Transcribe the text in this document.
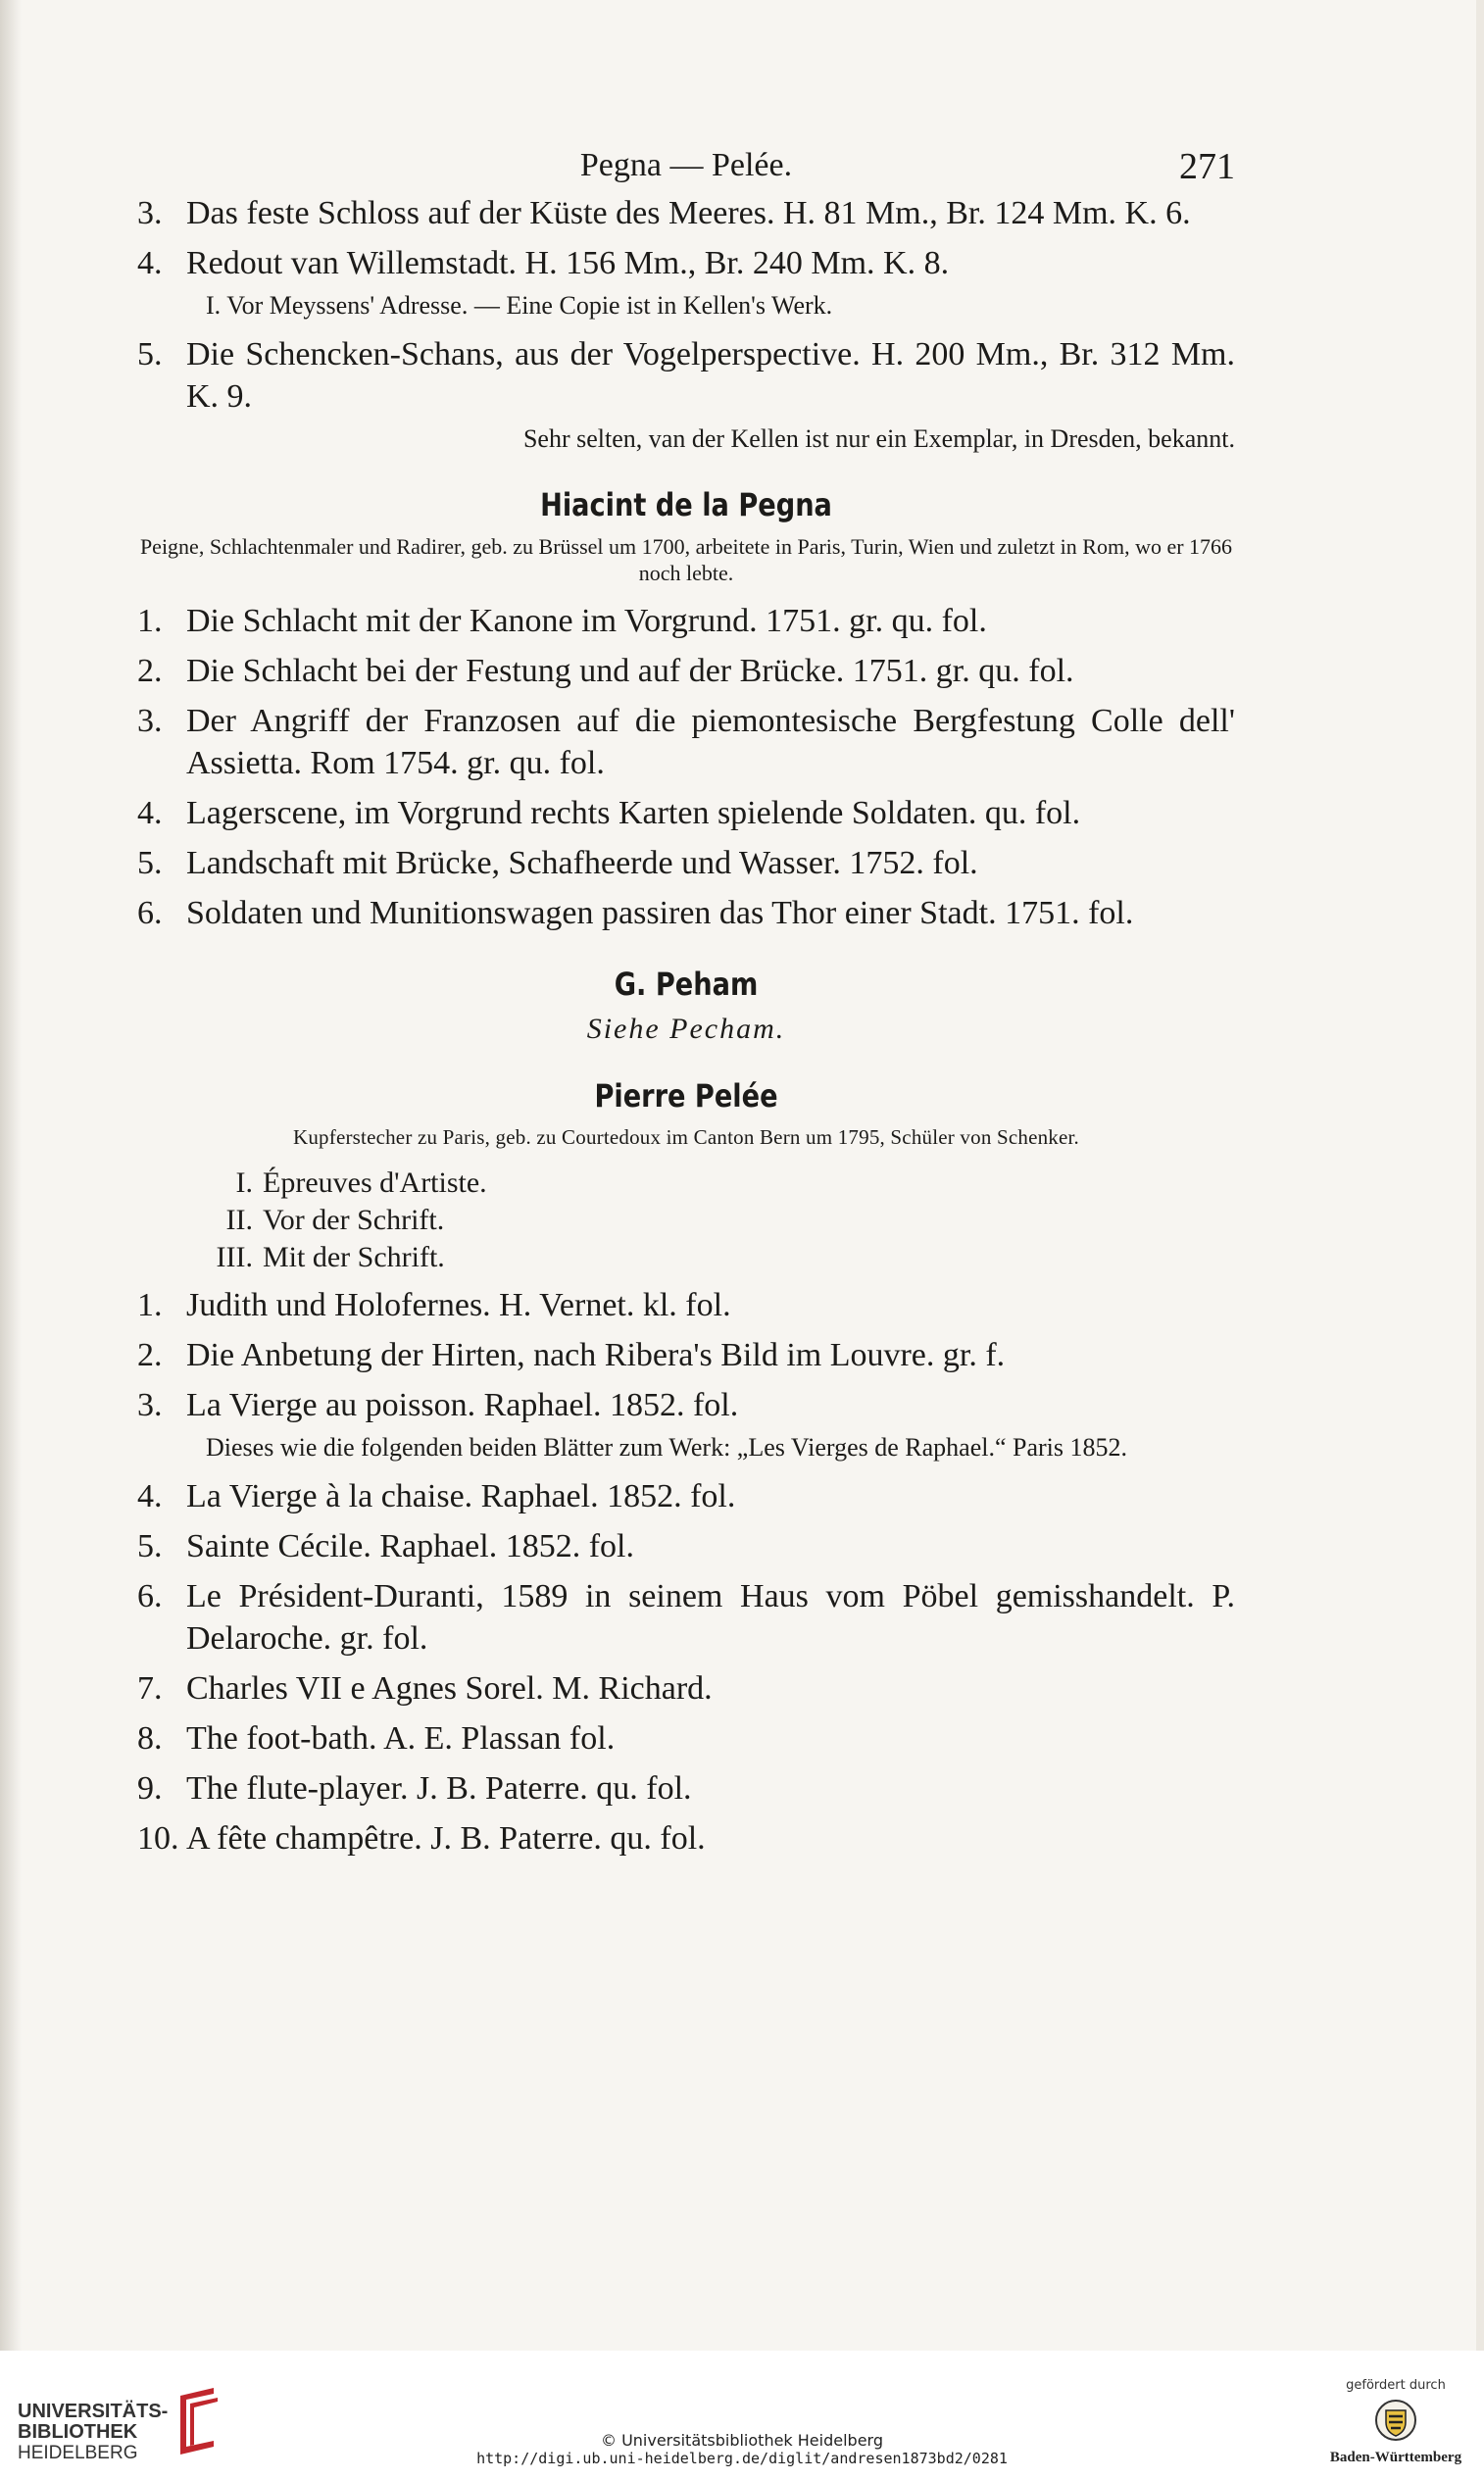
Pegna — Pelée.	271

3. Das feste Schloss auf der Küste des Meeres. H. 81 Mm., Br. 124 Mm. K. 6.

4. Redout van Willemstadt. H. 156 Mm., Br. 240 Mm. K. 8.

I. Vor Meyssens' Adresse. — Eine Copie ist in Kellen's Werk.

5. Die Schencken-Schans, aus der Vogelperspective. H. 200 Mm., Br. 312 Mm. K. 9.

Sehr selten, van der Kellen ist nur ein Exemplar, in Dresden, bekannt.

Hiacint de la Pegna
Peigne, Schlachtenmaler und Radirer, geb. zu Brüssel um 1700, arbeitete in Paris, Turin, Wien und zuletzt in Rom, wo er 1766 noch lebte.

1. Die Schlacht mit der Kanone im Vorgrund. 1751. gr. qu. fol.

2. Die Schlacht bei der Festung und auf der Brücke. 1751. gr. qu. fol.

3. Der Angriff der Franzosen auf die piemontesische Bergfestung Colle dell' Assietta. Rom 1754. gr. qu. fol.

4. Lagerscene, im Vorgrund rechts Karten spielende Soldaten. qu. fol.

5. Landschaft mit Brücke, Schafheerde und Wasser. 1752. fol.

6. Soldaten und Munitionswagen passiren das Thor einer Stadt. 1751. fol.

G. Peham
Siehe Pecham.
Pierre Pelée
Kupferstecher zu Paris, geb. zu Courtedoux im Canton Bern um 1795, Schüler von Schenker.
I. Épreuves d'Artiste.
II. Vor der Schrift.
III. Mit der Schrift.

1. Judith und Holofernes. H. Vernet. kl. fol.

2. Die Anbetung der Hirten, nach Ribera's Bild im Louvre. gr. f.

3. La Vierge au poisson. Raphael. 1852. fol.

Dieses wie die folgenden beiden Blätter zum Werk: „Les Vierges de Raphael.“ Paris 1852.

4. La Vierge à la chaise. Raphael. 1852. fol.

5. Sainte Cécile. Raphael. 1852. fol.

6. Le Président-Duranti, 1589 in seinem Haus vom Pöbel gemisshandelt. P. Delaroche. gr. fol.

7. Charles VII e Agnes Sorel. M. Richard.

8. The foot-bath. A. E. Plassan fol.

9. The flute-player. J. B. Paterre. qu. fol.

10. A fête champêtre. J. B. Paterre. qu. fol.

UNIVERSITÄTS-
BIBLIOTHEK
HEIDELBERG
© Universitätsbibliothek Heidelberg
http://digi.ub.uni-heidelberg.de/diglit/andresen1873bd2/0281
gefördert durch
Baden-Württemberg
